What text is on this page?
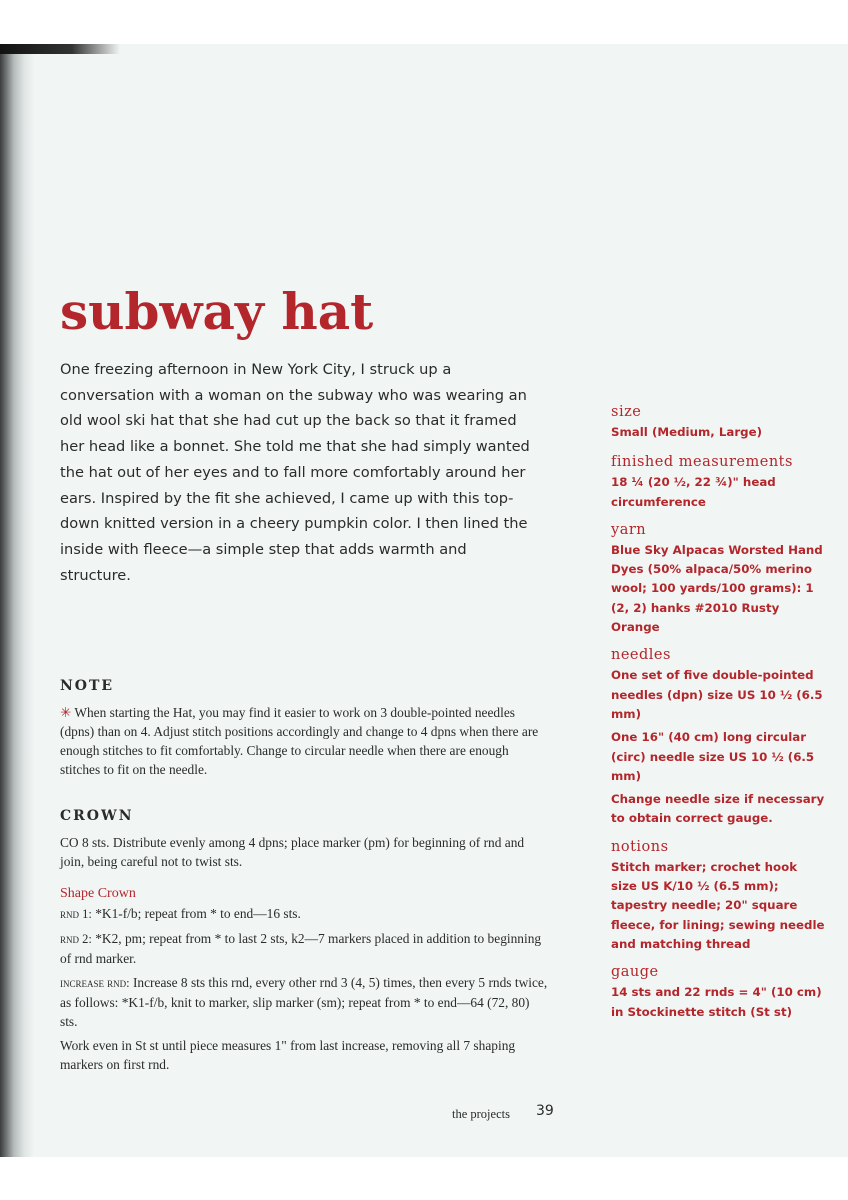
subway hat

One freezing afternoon in New York City, I struck up a conversation with a woman on the subway who was wearing an old wool ski hat that she had cut up the back so that it framed her head like a bonnet. She told me that she had simply wanted the hat out of her eyes and to fall more comfortably around her ears. Inspired by the fit she achieved, I came up with this top-down knitted version in a cheery pumpkin color. I then lined the inside with fleece—a simple step that adds warmth and structure.

NOTE

✳ When starting the Hat, you may find it easier to work on 3 double-pointed needles (dpns) than on 4. Adjust stitch positions accordingly and change to 4 dpns when there are enough stitches to fit comfortably. Change to circular needle when there are enough stitches to fit on the needle.

CROWN

CO 8 sts. Distribute evenly among 4 dpns; place marker (pm) for beginning of rnd and join, being careful not to twist sts.

Shape Crown

rnd 1: *K1-f/b; repeat from * to end—16 sts.

rnd 2: *K2, pm; repeat from * to last 2 sts, k2—7 markers placed in addition to beginning of rnd marker.

increase rnd: Increase 8 sts this rnd, every other rnd 3 (4, 5) times, then every 5 rnds twice, as follows: *K1-f/b, knit to marker, slip marker (sm); repeat from * to end—64 (72, 80) sts.

Work even in St st until piece measures 1" from last increase, removing all 7 shaping markers on first rnd.

size

Small (Medium, Large)

finished measurements

18 ¼ (20 ½, 22 ¾)" head circumference

yarn

Blue Sky Alpacas Worsted Hand Dyes (50% alpaca/50% merino wool; 100 yards/100 grams): 1 (2, 2) hanks #2010 Rusty Orange

needles

One set of five double-pointed needles (dpn) size US 10 ½ (6.5 mm)

One 16" (40 cm) long circular (circ) needle size US 10 ½ (6.5 mm)

Change needle size if necessary to obtain correct gauge.

notions

Stitch marker; crochet hook size US K/10 ½ (6.5 mm); tapestry needle; 20" square fleece, for lining; sewing needle and matching thread

gauge

14 sts and 22 rnds = 4" (10 cm) in Stockinette stitch (St st)

the projects 39
